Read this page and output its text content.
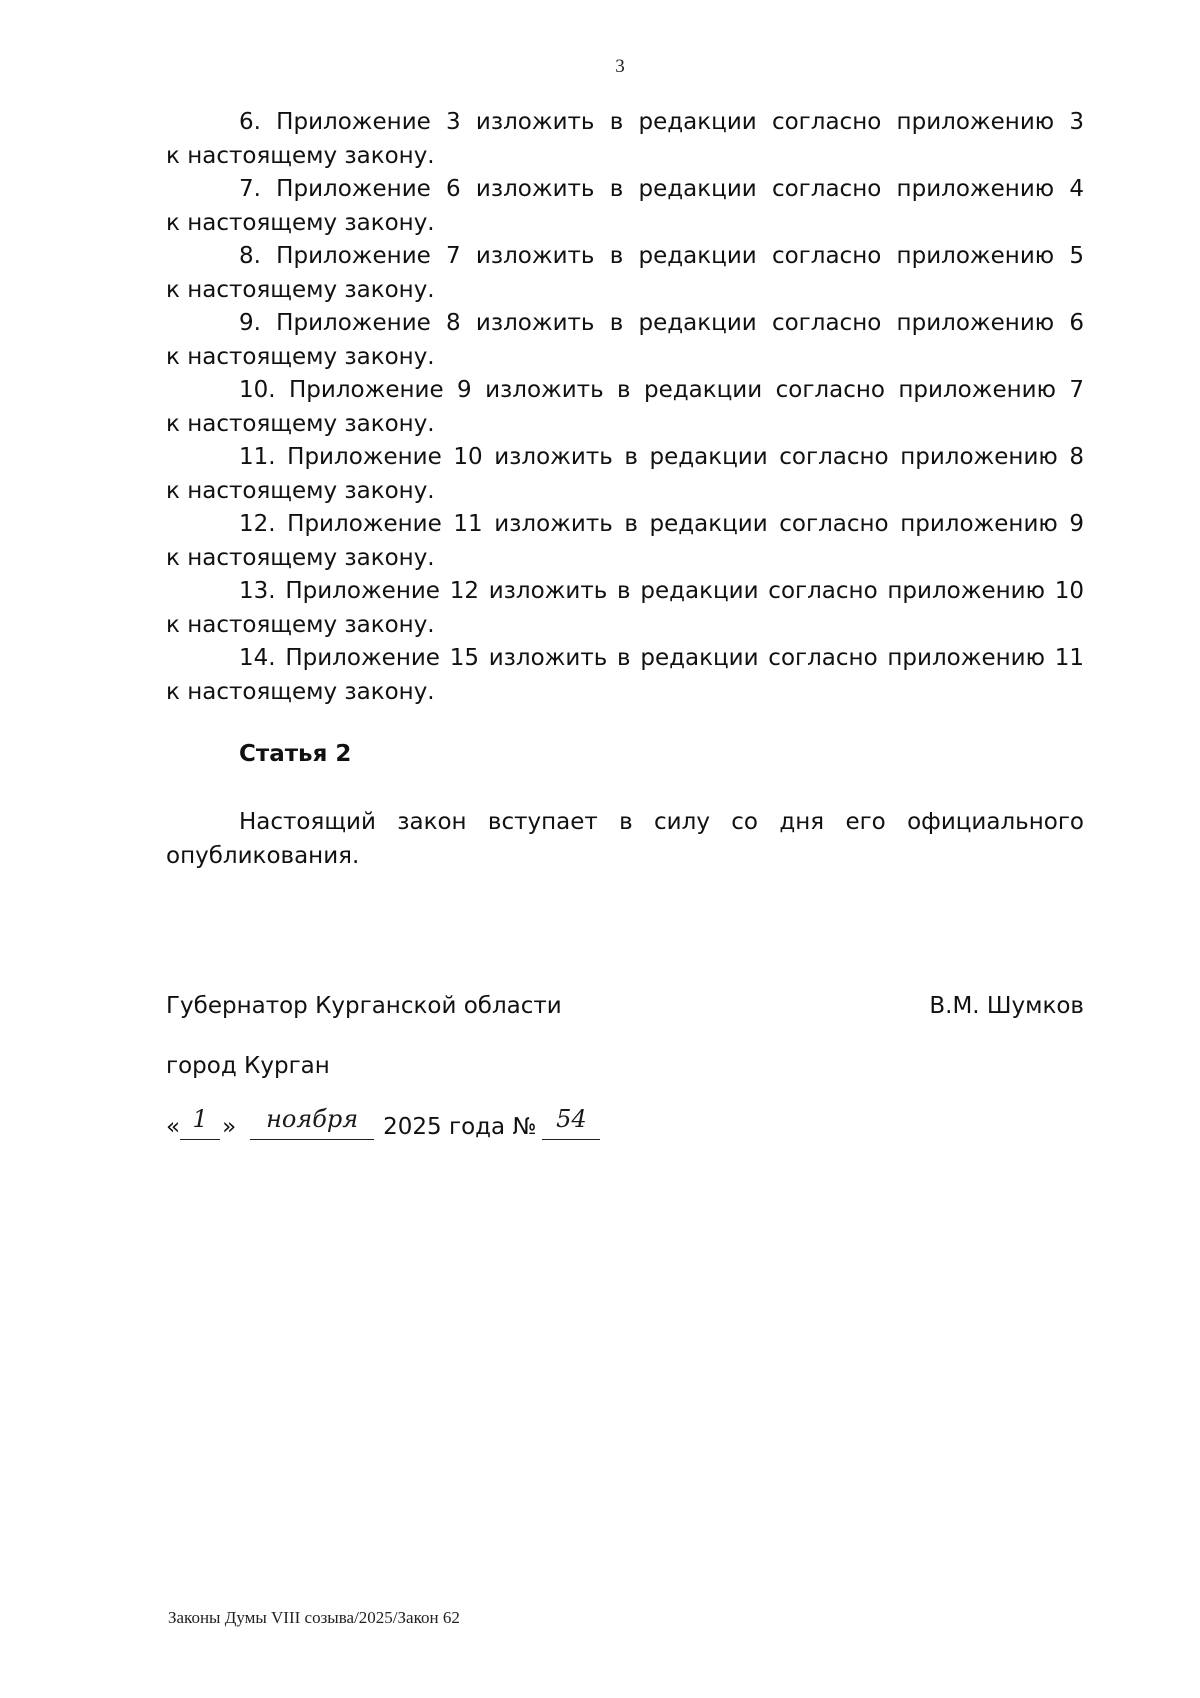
3
6. Приложение 3 изложить в редакции согласно приложению 3
к настоящему закону.
7. Приложение 6 изложить в редакции согласно приложению 4
к настоящему закону.
8. Приложение 7 изложить в редакции согласно приложению 5
к настоящему закону.
9. Приложение 8 изложить в редакции согласно приложению 6
к настоящему закону.
10. Приложение 9 изложить в редакции согласно приложению 7
к настоящему закону.
11. Приложение 10 изложить в редакции согласно приложению 8
к настоящему закону.
12. Приложение 11 изложить в редакции согласно приложению 9
к настоящему закону.
13. Приложение 12 изложить в редакции согласно приложению 10
к настоящему закону.
14. Приложение 15 изложить в редакции согласно приложению 11
к настоящему закону.
Статья 2
Настоящий закон вступает в силу со дня его официального
опубликования.
Губернатор Курганской области	В.М. Шумков
город Курган
« 1 »	ноября	2025 года № 54
Законы Думы VIII созыва/2025/Закон 62
